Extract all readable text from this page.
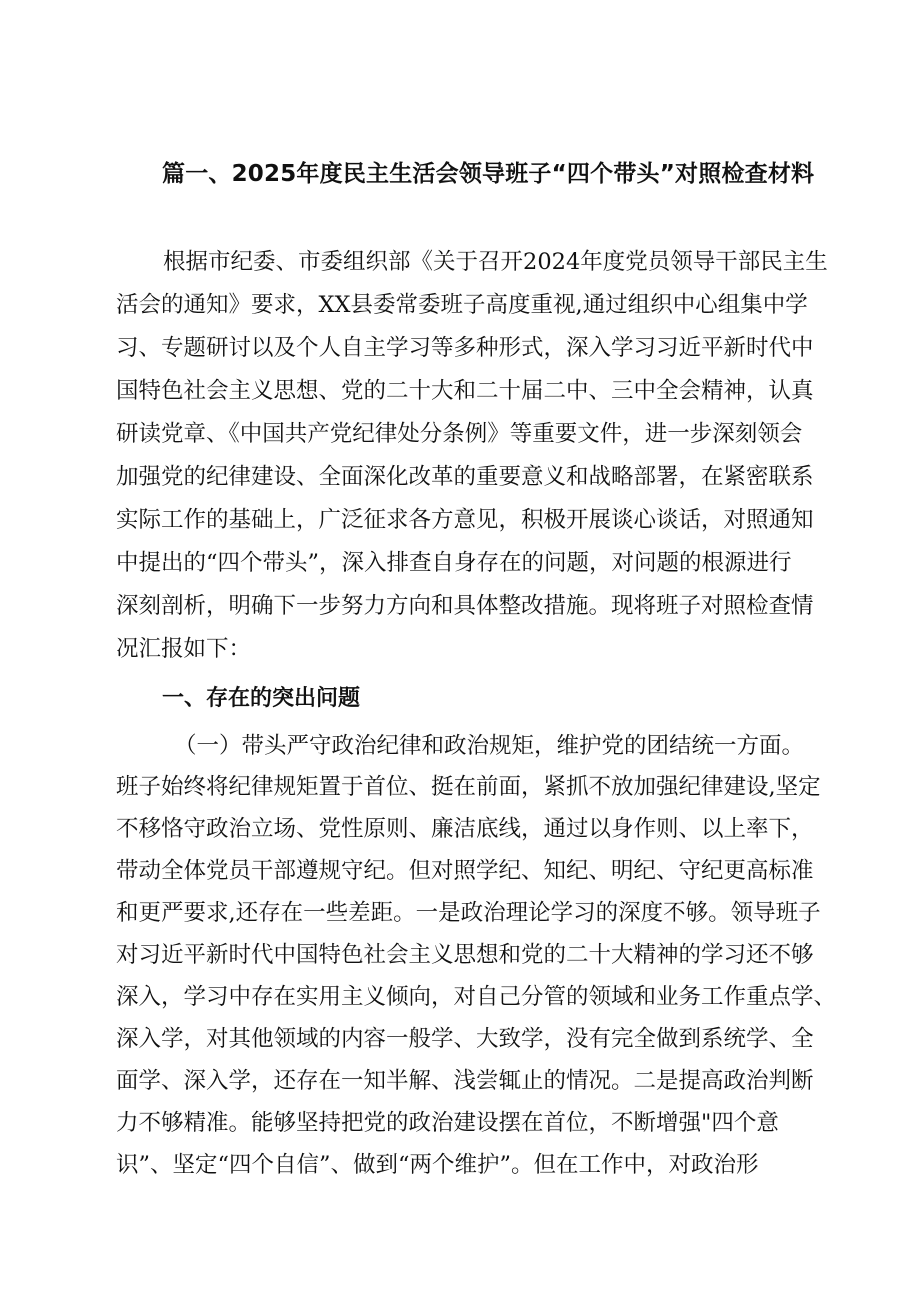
篇一、2025年度民主生活会领导班子“四个带头”对照检查材料
根据市纪委、市委组织部《关于召开2024年度党员领导干部民主生
活会的通知》要求，XX县委常委班子高度重视,通过组织中心组集中学
习、专题研讨以及个人自主学习等多种形式，深入学习习近平新时代中
国特色社会主义思想、党的二十大和二十届二中、三中全会精神，认真
研读党章、《中国共产党纪律处分条例》等重要文件，进一步深刻领会
加强党的纪律建设、全面深化改革的重要意义和战略部署，在紧密联系
实际工作的基础上，广泛征求各方意见，积极开展谈心谈话，对照通知
中提出的“四个带头”，深入排查自身存在的问题，对问题的根源进行
深刻剖析，明确下一步努力方向和具体整改措施。现将班子对照检查情
况汇报如下：
一、存在的突出问题
（一）带头严守政治纪律和政治规矩，维护党的团结统一方面。
班子始终将纪律规矩置于首位、挺在前面，紧抓不放加强纪律建设,坚定
不移恪守政治立场、党性原则、廉洁底线，通过以身作则、以上率下，
带动全体党员干部遵规守纪。但对照学纪、知纪、明纪、守纪更高标准
和更严要求,还存在一些差距。一是政治理论学习的深度不够。领导班子
对习近平新时代中国特色社会主义思想和党的二十大精神的学习还不够
深入，学习中存在实用主义倾向，对自己分管的领域和业务工作重点学、
深入学，对其他领域的内容一般学、大致学，没有完全做到系统学、全
面学、深入学，还存在一知半解、浅尝辄止的情况。二是提高政治判断
力不够精准。能够坚持把党的政治建设摆在首位，不断增强"四个意
识”、坚定“四个自信”、做到“两个维护”。但在工作中，对政治形
